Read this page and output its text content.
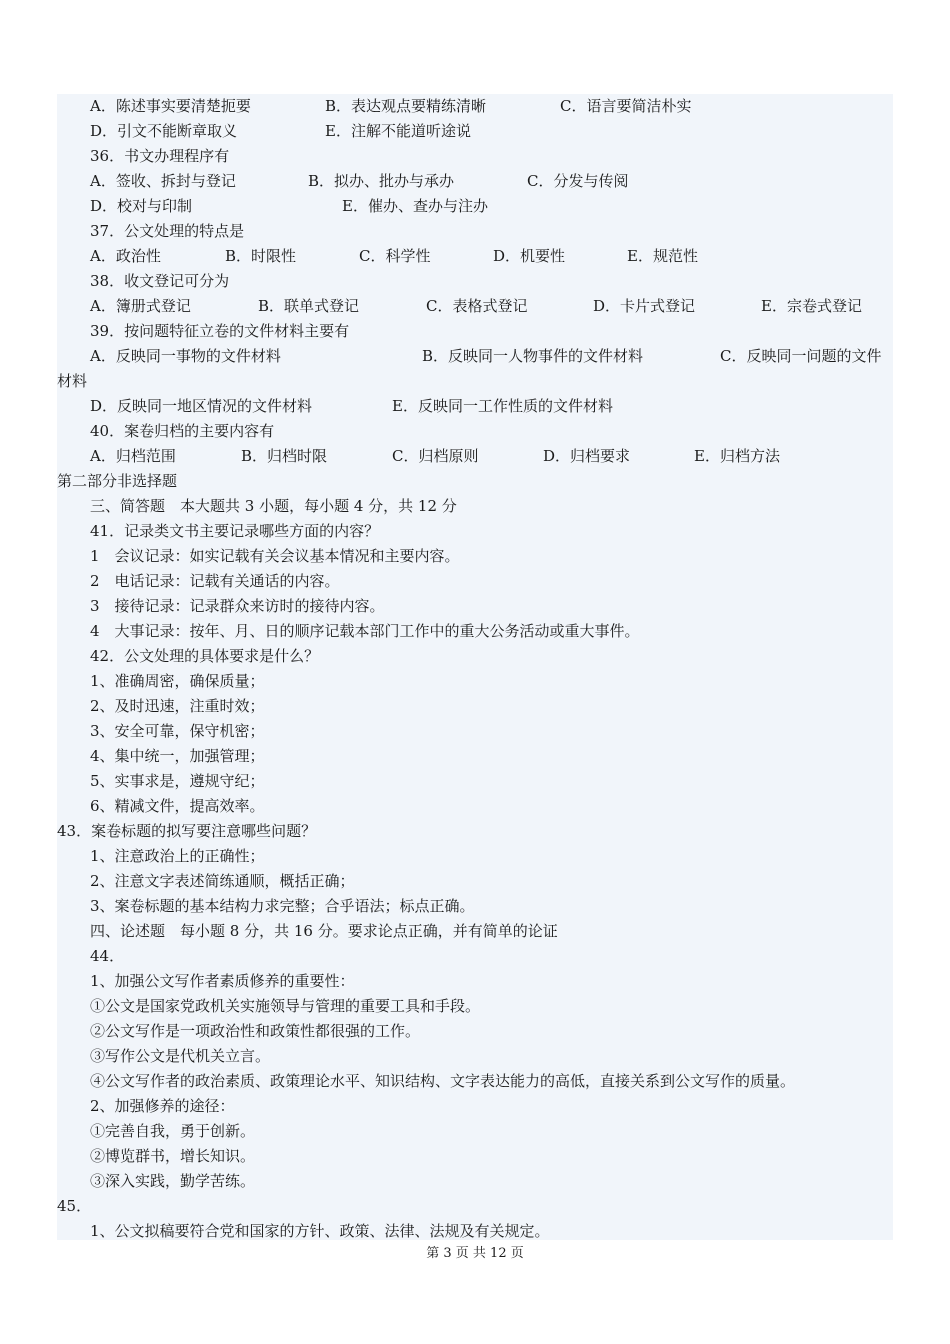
A．陈述事实要清楚扼要	B．表达观点要精练清晰	C．语言要简洁朴实
D．引文不能断章取义	E．注解不能道听途说
36．书文办理程序有
A．签收、拆封与登记	B．拟办、批办与承办	C．分发与传阅
D．校对与印制	E．催办、查办与注办
37．公文处理的特点是
A．政治性	B．时限性	C．科学性	D．机要性	E．规范性
38．收文登记可分为
A．簿册式登记	B．联单式登记	C．表格式登记	D．卡片式登记	E．宗卷式登记
39．按问题特征立卷的文件材料主要有
A．反映同一事物的文件材料	B．反映同一人物事件的文件材料	C．反映同一问题的文件
材料
D．反映同一地区情况的文件材料	E．反映同一工作性质的文件材料
40．案卷归档的主要内容有
A．归档范围	B．归档时限	C．归档原则	D．归档要求	E．归档方法
第二部分非选择题
三、简答题　本大题共 3 小题，每小题 4 分，共 12 分
41．记录类文书主要记录哪些方面的内容？
1　会议记录：如实记载有关会议基本情况和主要内容。
2　电话记录：记载有关通话的内容。
3　接待记录：记录群众来访时的接待内容。
4　大事记录：按年、月、日的顺序记载本部门工作中的重大公务活动或重大事件。
42．公文处理的具体要求是什么？
1、准确周密，确保质量；
2、及时迅速，注重时效；
3、安全可靠，保守机密；
4、集中统一，加强管理；
5、实事求是，遵规守纪；
6、精减文件，提高效率。
43．案卷标题的拟写要注意哪些问题？
1、注意政治上的正确性；
2、注意文字表述简练通顺，概括正确；
3、案卷标题的基本结构力求完整；合乎语法；标点正确。
四、论述题　每小题 8 分，共 16 分。要求论点正确，并有简单的论证
44．
1、加强公文写作者素质修养的重要性：
①公文是国家党政机关实施领导与管理的重要工具和手段。
②公文写作是一项政治性和政策性都很强的工作。
③写作公文是代机关立言。
④公文写作者的政治素质、政策理论水平、知识结构、文字表达能力的高低，直接关系到公文写作的质量。
2、加强修养的途径：
①完善自我，勇于创新。
②博览群书，增长知识。
③深入实践，勤学苦练。
45．
1、公文拟稿要符合党和国家的方针、政策、法律、法规及有关规定。
第 3 页 共 12 页
